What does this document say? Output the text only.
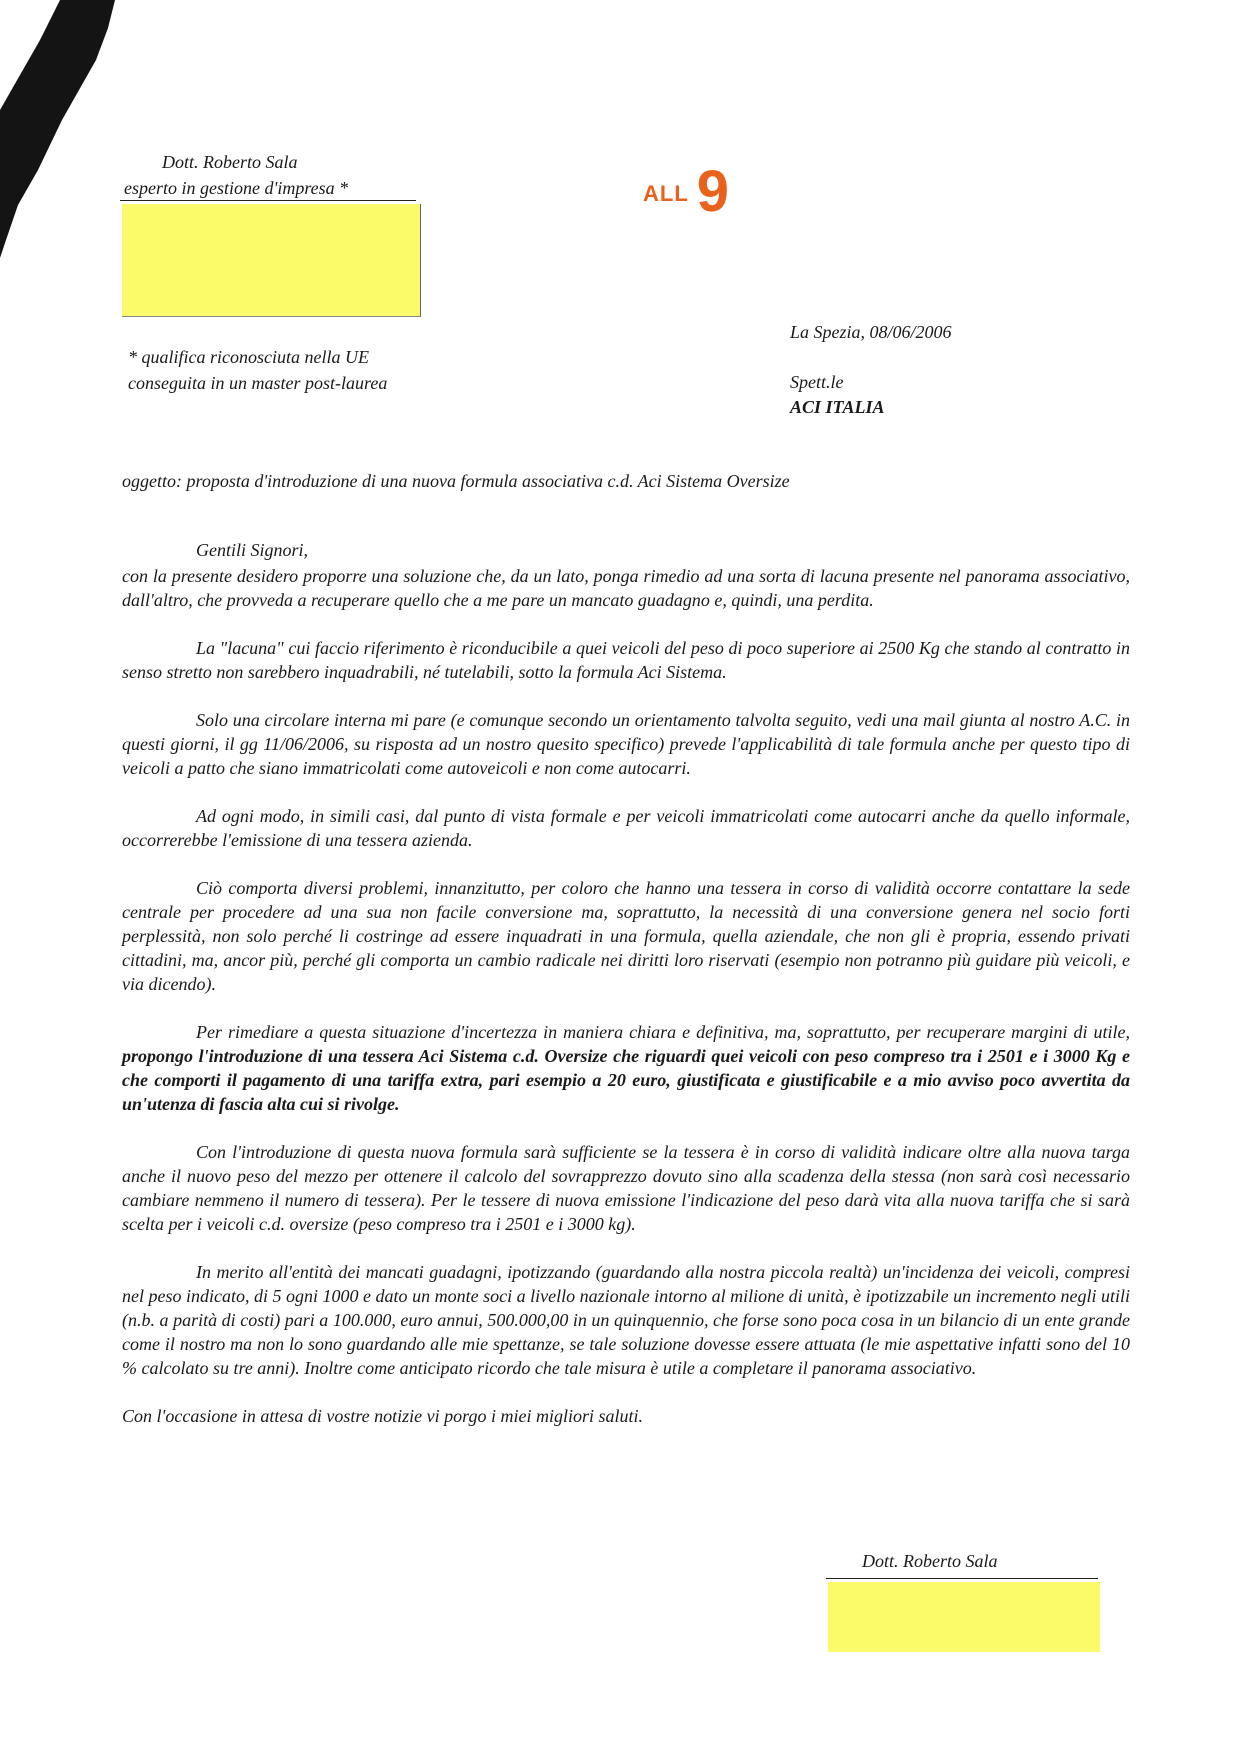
Dott. Roberto Sala
esperto in gestione d'impresa *	ALL 9
* qualifica riconosciuta nella UE
conseguita in un master post-laurea
La Spezia, 08/06/2006
Spett.le
ACI ITALIA
oggetto: proposta d'introduzione di una nuova formula associativa c.d. Aci Sistema Oversize
Gentili Signori,

con la presente desidero proporre una soluzione che, da un lato, ponga rimedio ad una sorta di lacuna presente nel panorama associativo, dall'altro, che provveda a recuperare quello che a me pare un mancato guadagno e, quindi, una perdita.

La "lacuna" cui faccio riferimento è riconducibile a quei veicoli del peso di poco superiore ai 2500 Kg che stando al contratto in senso stretto non sarebbero inquadrabili, né tutelabili, sotto la formula Aci Sistema.

Solo una circolare interna mi pare (e comunque secondo un orientamento talvolta seguito, vedi una mail giunta al nostro A.C. in questi giorni, il gg 11/06/2006, su risposta ad un nostro quesito specifico) prevede l'applicabilità di tale formula anche per questo tipo di veicoli a patto che siano immatricolati come autoveicoli e non come autocarri.

Ad ogni modo, in simili casi, dal punto di vista formale e per veicoli immatricolati come autocarri anche da quello informale, occorrerebbe l'emissione di una tessera azienda.

Ciò comporta diversi problemi, innanzitutto, per coloro che hanno una tessera in corso di validità occorre contattare la sede centrale per procedere ad una sua non facile conversione ma, soprattutto, la necessità di una conversione genera nel socio forti perplessità, non solo perché li costringe ad essere inquadrati in una formula, quella aziendale, che non gli è propria, essendo privati cittadini, ma, ancor più, perché gli comporta un cambio radicale nei diritti loro riservati (esempio non potranno più guidare più veicoli, e via dicendo).

Per rimediare a questa situazione d'incertezza in maniera chiara e definitiva, ma, soprattutto, per recuperare margini di utile, propongo l'introduzione di una tessera Aci Sistema c.d. Oversize che riguardi quei veicoli con peso compreso tra i 2501 e i 3000 Kg e che comporti il pagamento di una tariffa extra, pari esempio a 20 euro, giustificata e giustificabile e a mio avviso poco avvertita da un'utenza di fascia alta cui si rivolge.

Con l'introduzione di questa nuova formula sarà sufficiente se la tessera è in corso di validità indicare oltre alla nuova targa anche il nuovo peso del mezzo per ottenere il calcolo del sovrapprezzo dovuto sino alla scadenza della stessa (non sarà così necessario cambiare nemmeno il numero di tessera). Per le tessere di nuova emissione l'indicazione del peso darà vita alla nuova tariffa che si sarà scelta per i veicoli c.d. oversize (peso compreso tra i 2501 e i 3000 kg).

In merito all'entità dei mancati guadagni, ipotizzando (guardando alla nostra piccola realtà) un'incidenza dei veicoli, compresi nel peso indicato, di 5 ogni 1000 e dato un monte soci a livello nazionale intorno al milione di unità, è ipotizzabile un incremento negli utili (n.b. a parità di costi) pari a 100.000, euro annui, 500.000,00 in un quinquennio, che forse sono poca cosa in un bilancio di un ente grande come il nostro ma non lo sono guardando alle mie spettanze, se tale soluzione dovesse essere attuata (le mie aspettative infatti sono del 10 % calcolato su tre anni). Inoltre come anticipato ricordo che tale misura è utile a completare il panorama associativo.

Con l'occasione in attesa di vostre notizie vi porgo i miei migliori saluti.

Dott. Roberto Sala
